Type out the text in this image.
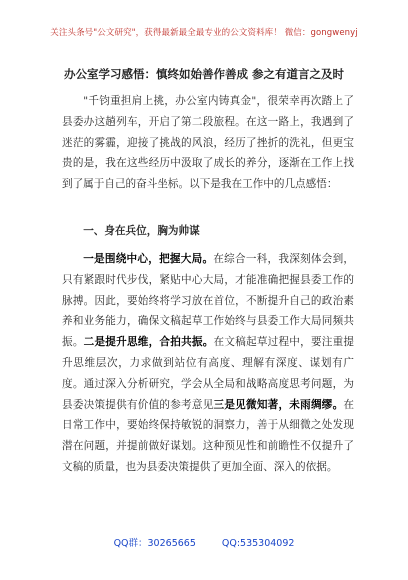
关注头条号"公文研究"，获得最新最全最专业的公文资料库！ 微信：gongwenyj
办公室学习感悟：慎终如始善作善成 参之有道言之及时

"千钧重担肩上挑，办公室内铸真金"，很荣幸再次踏上了县委办这趟列车，开启了第二段旅程。在这一路上，我遇到了迷茫的雾霾，迎接了挑战的风浪，经历了挫折的洗礼，但更宝贵的是，我在这些经历中汲取了成长的养分，逐渐在工作上找到了属于自己的奋斗坐标。以下是我在工作中的几点感悟：

一、身在兵位，胸为帅谋

一是围绕中心，把握大局。在综合一科，我深刻体会到，只有紧跟时代步伐，紧贴中心大局，才能准确把握县委工作的脉搏。因此，要始终将学习放在首位，不断提升自己的政治素养和业务能力，确保文稿起草工作始终与县委工作大局同频共振。二是提升思维，合拍共振。在文稿起草过程中，要注重提升思维层次，力求做到站位有高度、理解有深度、谋划有广度。通过深入分析研究，学会从全局和战略高度思考问题，为县委决策提供有价值的参考意见三是见微知著，未雨绸缪。在日常工作中，要始终保持敏锐的洞察力，善于从细微之处发现潜在问题，并提前做好谋划。这种预见性和前瞻性不仅提升了文稿的质量，也为县委决策提供了更加全面、深入的依据。

QQ群：30265665	QQ:535304092
